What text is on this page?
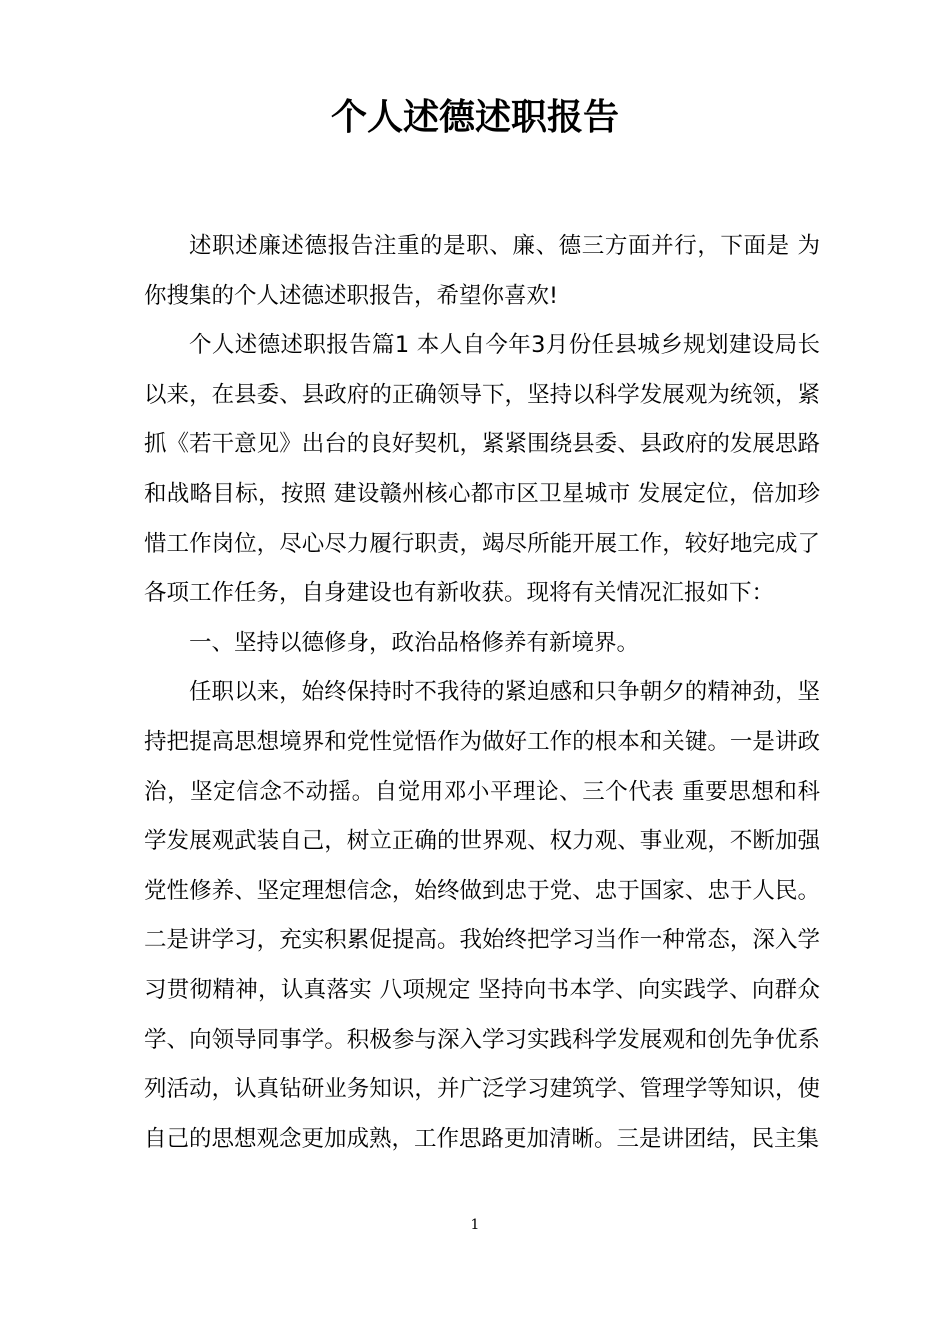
个人述德述职报告

述职述廉述德报告注重的是职、廉、德三方面并行，下面是 为你搜集的个人述德述职报告，希望你喜欢!

个人述德述职报告篇1 本人自今年3月份任县城乡规划建设局长以来，在县委、县政府的正确领导下，坚持以科学发展观为统领，紧抓《若干意见》出台的良好契机，紧紧围绕县委、县政府的发展思路和战略目标，按照 建设赣州核心都市区卫星城市 发展定位，倍加珍惜工作岗位，尽心尽力履行职责，竭尽所能开展工作，较好地完成了各项工作任务，自身建设也有新收获。现将有关情况汇报如下：

一、坚持以德修身，政治品格修养有新境界。

任职以来，始终保持时不我待的紧迫感和只争朝夕的精神劲，坚持把提高思想境界和党性觉悟作为做好工作的根本和关键。一是讲政治，坚定信念不动摇。自觉用邓小平理论、三个代表 重要思想和科学发展观武装自己，树立正确的世界观、权力观、事业观，不断加强党性修养、坚定理想信念，始终做到忠于党、忠于国家、忠于人民。二是讲学习，充实积累促提高。我始终把学习当作一种常态，深入学习贯彻精神，认真落实 八项规定 坚持向书本学、向实践学、向群众学、向领导同事学。积极参与深入学习实践科学发展观和创先争优系列活动，认真钻研业务知识，并广泛学习建筑学、管理学等知识，使自己的思想观念更加成熟，工作思路更加清晰。三是讲团结，民主集

1
